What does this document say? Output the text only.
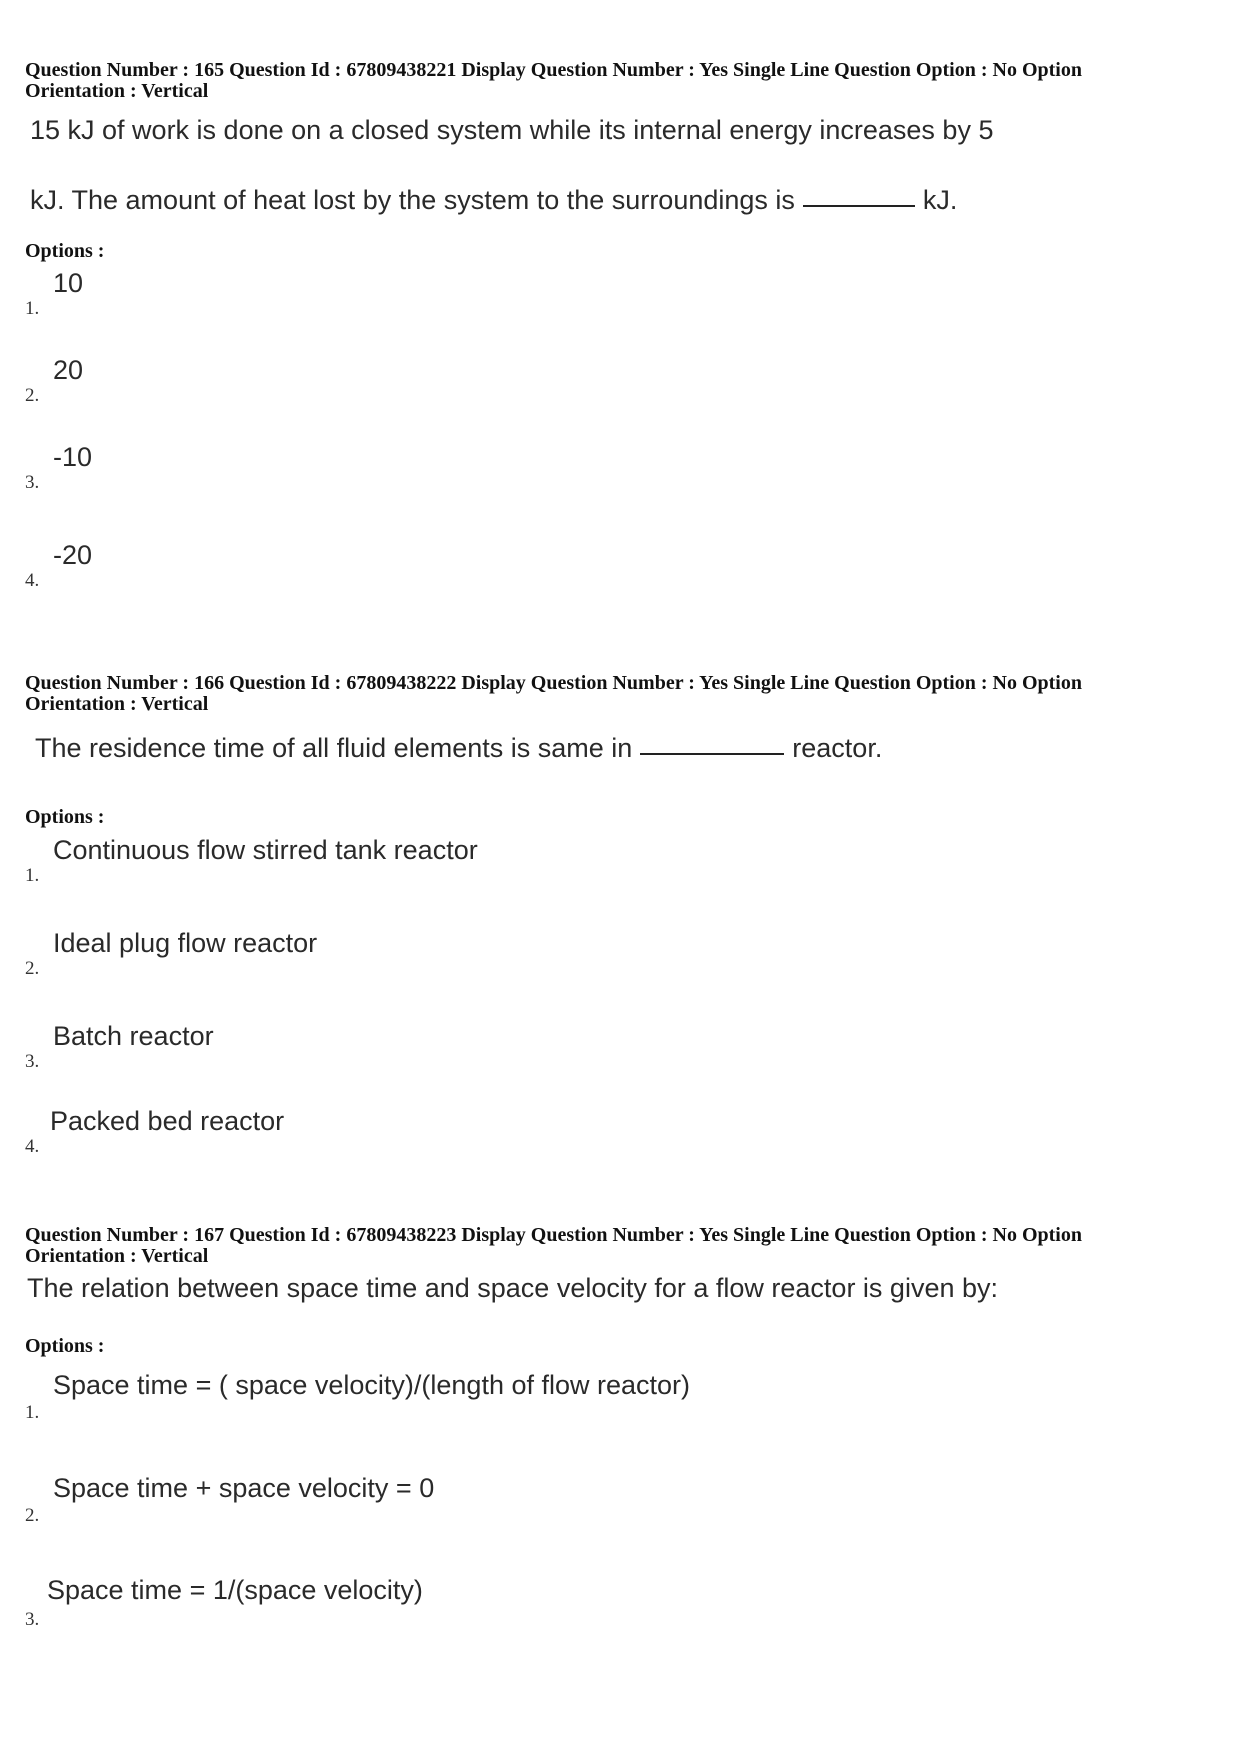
Question Number : 165 Question Id : 67809438221 Display Question Number : Yes Single Line Question Option : No Option
Orientation : Vertical

15 kJ of work is done on a closed system while its internal energy increases by 5
kJ. The amount of heat lost by the system to the surroundings is	kJ.
Options :
1.
10
2.
20
3.
-10
4.
-20

Question Number : 166 Question Id : 67809438222 Display Question Number : Yes Single Line Question Option : No Option
Orientation : Vertical

The residence time of all fluid elements is same in	reactor.
Options :
1.
Continuous flow stirred tank reactor
2.
Ideal plug flow reactor
3.
Batch reactor
4.
Packed bed reactor

Question Number : 167 Question Id : 67809438223 Display Question Number : Yes Single Line Question Option : No Option
Orientation : Vertical

The relation between space time and space velocity for a flow reactor is given by:
Options :
1.
Space time = ( space velocity)/(length of flow reactor)
2.
Space time + space velocity = 0
3.
Space time = 1/(space velocity)
